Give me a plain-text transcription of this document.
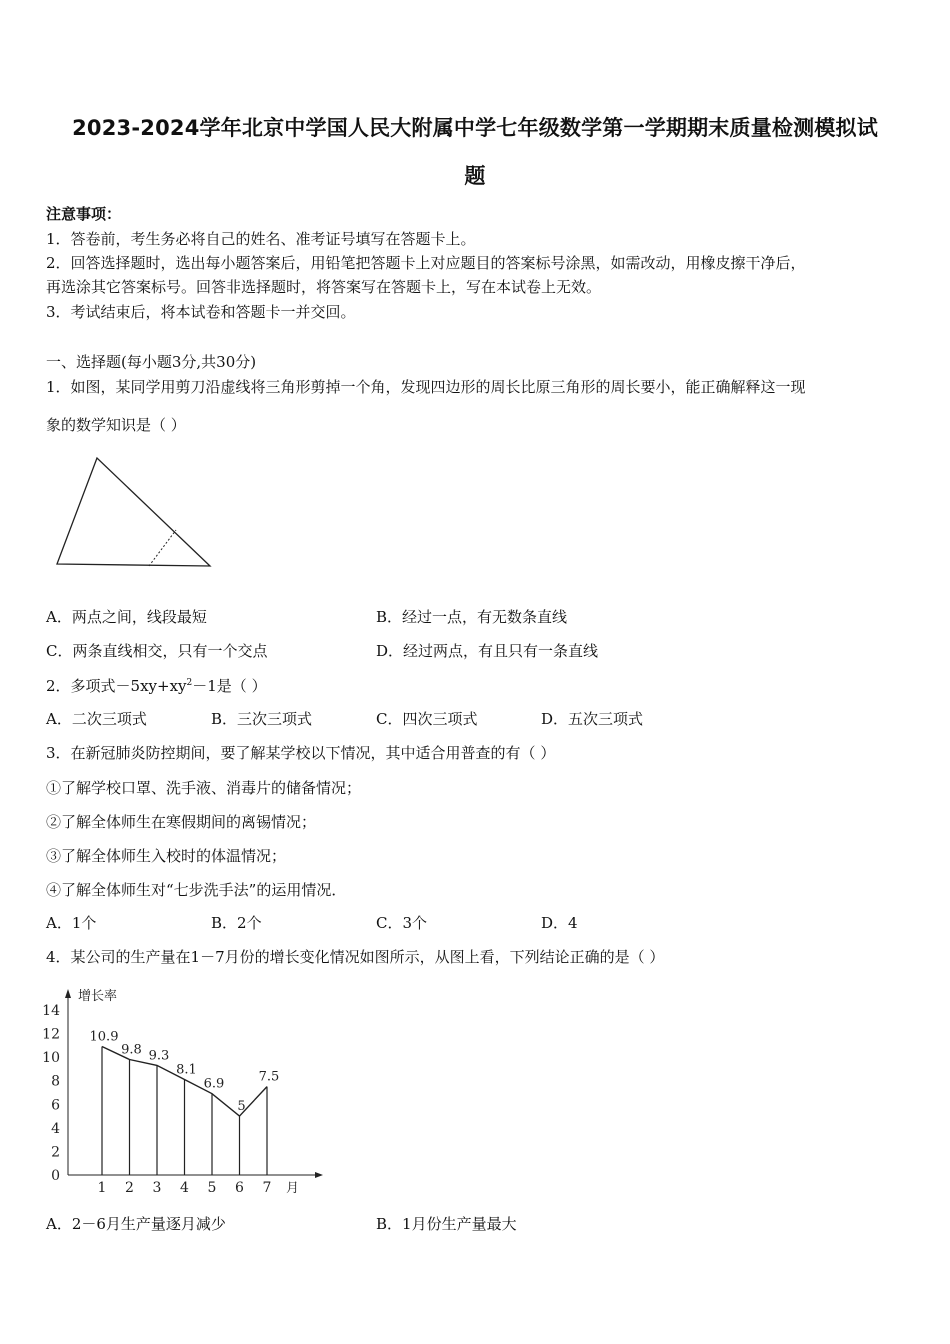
2023-2024学年北京中学国人民大附属中学七年级数学第一学期期末质量检测模拟试
题
注意事项：
1．答卷前，考生务必将自己的姓名、准考证号填写在答题卡上。
2．回答选择题时，选出每小题答案后，用铅笔把答题卡上对应题目的答案标号涂黑，如需改动，用橡皮擦干净后，
再选涂其它答案标号。回答非选择题时，将答案写在答题卡上，写在本试卷上无效。
3．考试结束后，将本试卷和答题卡一并交回。
一、选择题(每小题3分,共30分)
1．如图，某同学用剪刀沿虚线将三角形剪掉一个角，发现四边形的周长比原三角形的周长要小，能正确解释这一现
象的数学知识是（ ）
A．两点之间，线段最短	B．经过一点，有无数条直线
C．两条直线相交，只有一个交点	D．经过两点，有且只有一条直线
2．多项式$-5xy+xy^2-1$是（ ）
A．二次三项式	B．三次三项式	C．四次三项式	D．五次三项式
3．在新冠肺炎防控期间，要了解某学校以下情况，其中适合用普查的有（ ）
①了解学校口罩、洗手液、消毒片的储备情况；
②了解全体师生在寒假期间的离锡情况；
③了解全体师生入校时的体温情况；
④了解全体师生对“七步洗手法”的运用情况．
A．1个	B．2个	C．3个	D．4
4．某公司的生产量在1－7月份的增长变化情况如图所示，从图上看，下列结论正确的是（ ）
增长率
月
0
2
4
6
8
10
12
14
1
10.9
2
9.8
3
9.3
4
8.1
5
6.9
6
5
7
7.5
A．2－6月生产量逐月减少	B．1月份生产量最大
